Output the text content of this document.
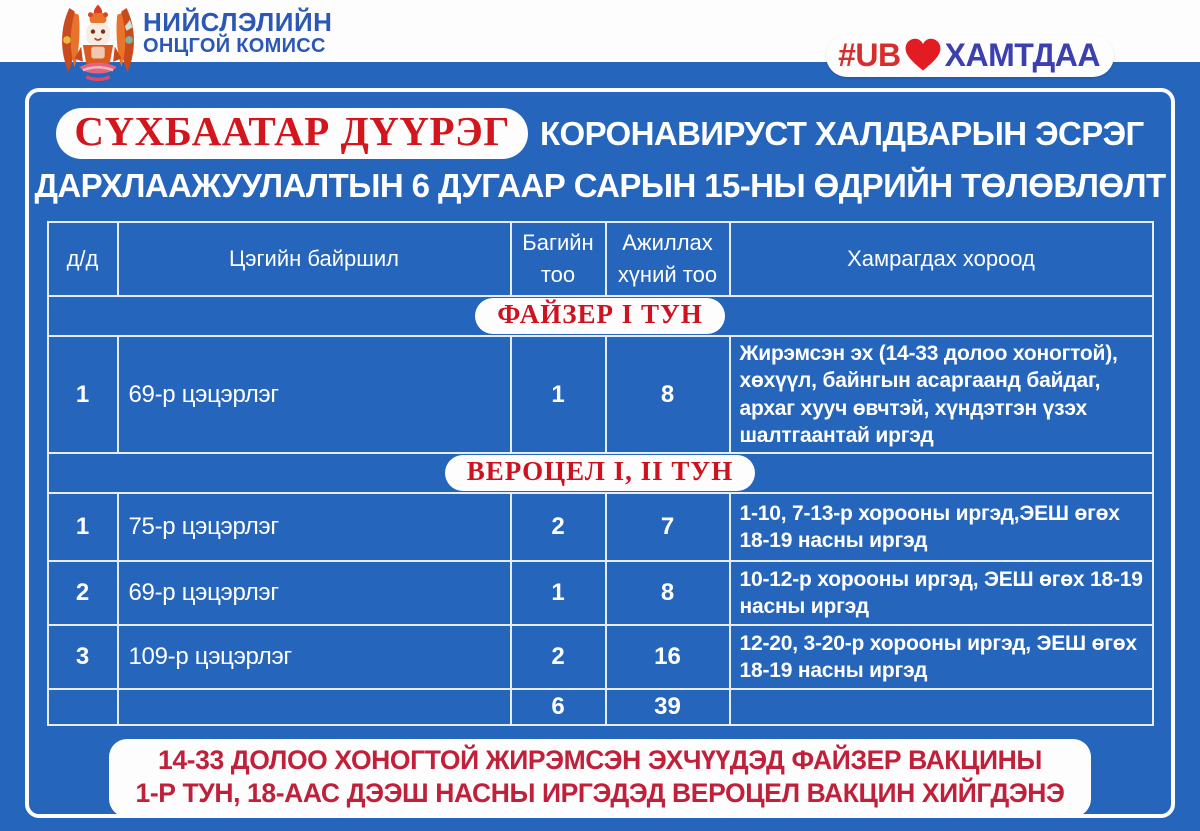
НИЙСЛЭЛИЙН
ОНЦГОЙ КОМИСС	#UB ХАМТДАА
СҮХБААТАР ДҮҮРЭГ КОРОНАВИРУСТ ХАЛДВАРЫН ЭСРЭГ
ДАРХЛААЖУУЛАЛТЫН 6 ДУГААР САРЫН 15-НЫ ӨДРИЙН ТӨЛӨВЛӨЛТ
д/д	Цэгийн байршил	Багийн тоо	Ажиллах хүний тоо	Хамрагдах хороод
ФАЙЗЕР I ТУН				
1	69-р цэцэрлэг	1	8	Жирэмсэн эх (14-33 долоо хоногтой), хөхүүл, байнгын асаргаанд байдаг, архаг хууч өвчтэй, хүндэтгэн үзэх шалтгаантай иргэд
ВЕРОЦЕЛ I, II ТУН				
1	75-р цэцэрлэг	2	7	1-10, 7-13-р хорооны иргэд,ЭЕШ өгөх 18-19 насны иргэд
2	69-р цэцэрлэг	1	8	10-12-р хорооны иргэд, ЭЕШ өгөх 18-19 насны иргэд
3	109-р цэцэрлэг	2	16	12-20, 3-20-р хорооны иргэд, ЭЕШ өгөх 18-19 насны иргэд
		6	39	
14-33 ДОЛОО ХОНОГТОЙ ЖИРЭМСЭН ЭХЧҮҮДЭД ФАЙЗЕР ВАКЦИНЫ
1-Р ТУН, 18-ААС ДЭЭШ НАСНЫ ИРГЭДЭД ВЕРОЦЕЛ ВАКЦИН ХИЙГДЭНЭ
